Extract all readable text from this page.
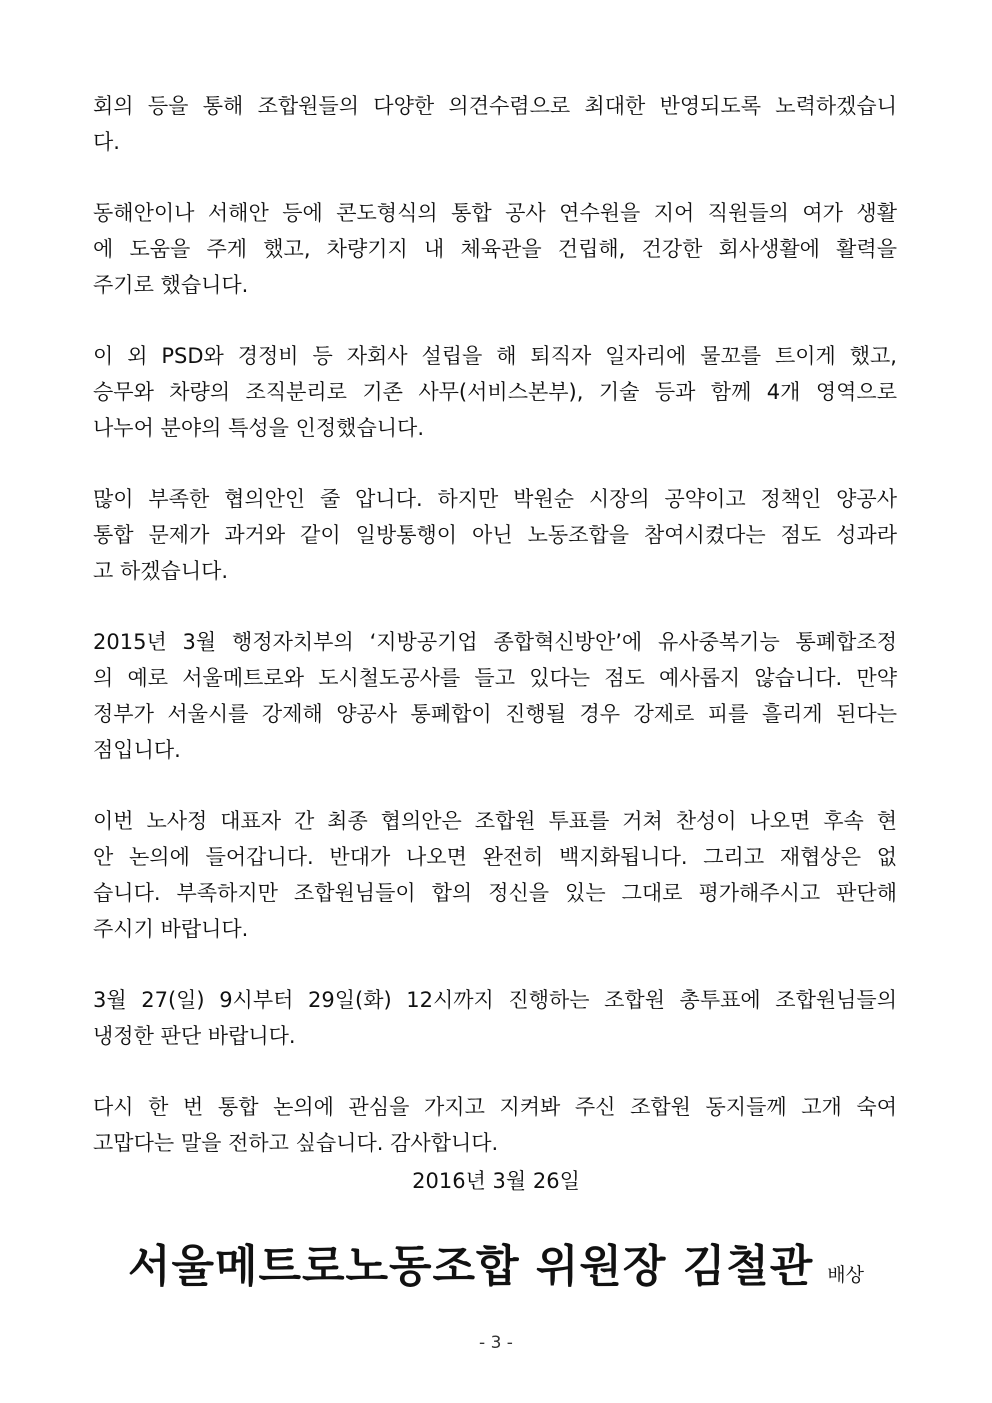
회의 등을 통해 조합원들의 다양한 의견수렴으로 최대한 반영되도록 노력하겠습니
다.
동해안이나 서해안 등에 콘도형식의 통합 공사 연수원을 지어 직원들의 여가 생활
에 도움을 주게 했고, 차량기지 내 체육관을 건립해, 건강한 회사생활에 활력을
주기로 했습니다.
이 외 PSD와 경정비 등 자회사 설립을 해 퇴직자 일자리에 물꼬를 트이게 했고,
승무와 차량의 조직분리로 기존 사무(서비스본부), 기술 등과 함께 4개 영역으로
나누어 분야의 특성을 인정했습니다.
많이 부족한 협의안인 줄 압니다. 하지만 박원순 시장의 공약이고 정책인 양공사
통합 문제가 과거와 같이 일방통행이 아닌 노동조합을 참여시켰다는 점도 성과라
고 하겠습니다.
2015년 3월 행정자치부의 ‘지방공기업 종합혁신방안’에 유사중복기능 통폐합조정
의 예로 서울메트로와 도시철도공사를 들고 있다는 점도 예사롭지 않습니다. 만약
정부가 서울시를 강제해 양공사 통폐합이 진행될 경우 강제로 피를 흘리게 된다는
점입니다.
이번 노사정 대표자 간 최종 협의안은 조합원 투표를 거쳐 찬성이 나오면 후속 현
안 논의에 들어갑니다. 반대가 나오면 완전히 백지화됩니다. 그리고 재협상은 없
습니다. 부족하지만 조합원님들이 합의 정신을 있는 그대로 평가해주시고 판단해
주시기 바랍니다.
3월 27(일) 9시부터 29일(화) 12시까지 진행하는 조합원 총투표에 조합원님들의
냉정한 판단 바랍니다.
다시 한 번 통합 논의에 관심을 가지고 지켜봐 주신 조합원 동지들께 고개 숙여
고맙다는 말을 전하고 싶습니다. 감사합니다.
2016년 3월 26일
서울메트로노동조합 위원장 김철관 배상
- 3 -
